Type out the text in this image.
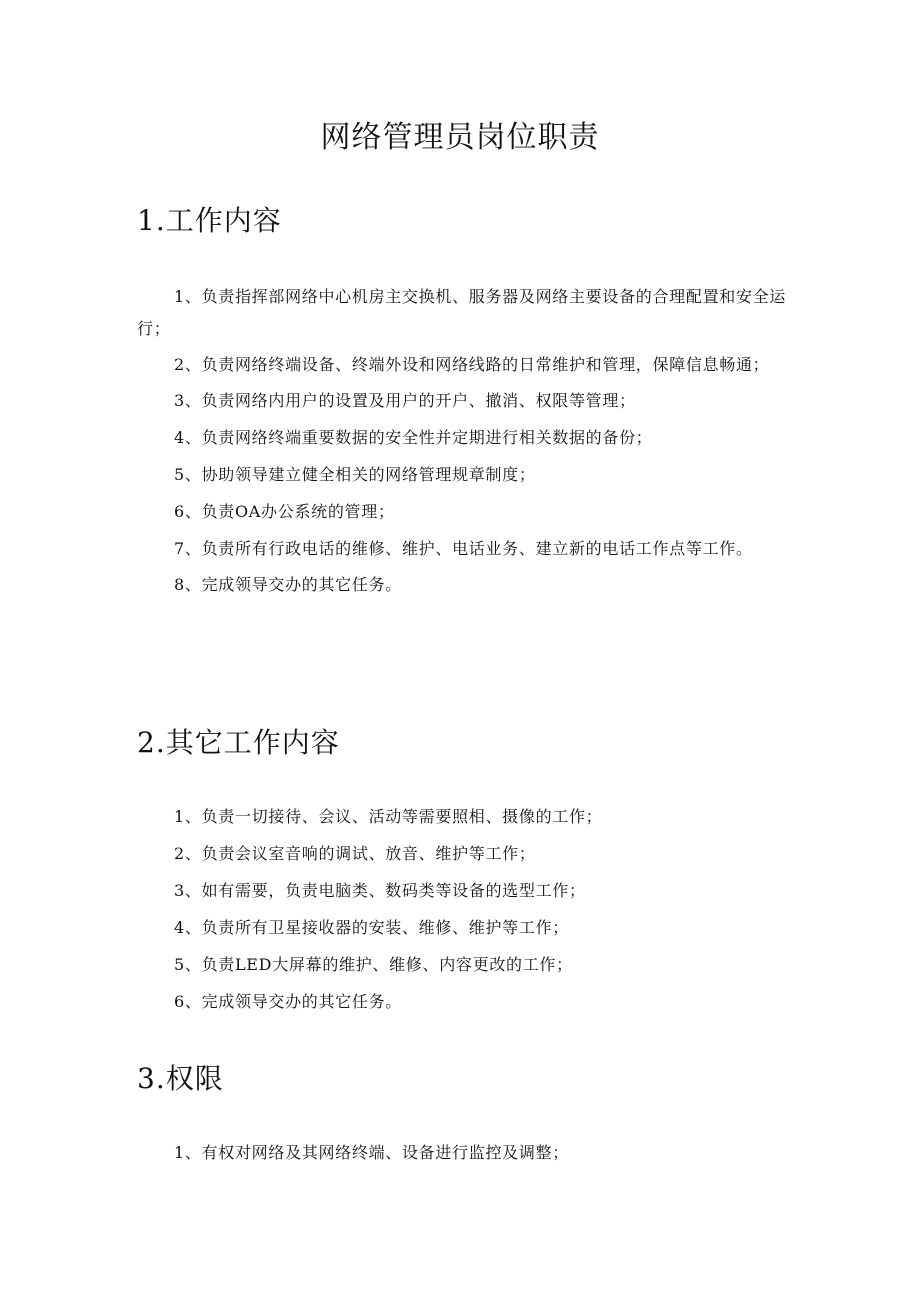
网络管理员岗位职责
1.工作内容
1、负责指挥部网络中心机房主交换机、服务器及网络主要设备的合理配置和安全运行；
2、负责网络终端设备、终端外设和网络线路的日常维护和管理，保障信息畅通；
3、负责网络内用户的设置及用户的开户、撤消、权限等管理；
4、负责网络终端重要数据的安全性并定期进行相关数据的备份；
5、协助领导建立健全相关的网络管理规章制度；
6、负责OA办公系统的管理；
7、负责所有行政电话的维修、维护、电话业务、建立新的电话工作点等工作。
8、完成领导交办的其它任务。
2.其它工作内容
1、负责一切接待、会议、活动等需要照相、摄像的工作；
2、负责会议室音响的调试、放音、维护等工作；
3、如有需要，负责电脑类、数码类等设备的选型工作；
4、负责所有卫星接收器的安装、维修、维护等工作；
5、负责LED大屏幕的维护、维修、内容更改的工作；
6、完成领导交办的其它任务。
3.权限
1、有权对网络及其网络终端、设备进行监控及调整；
